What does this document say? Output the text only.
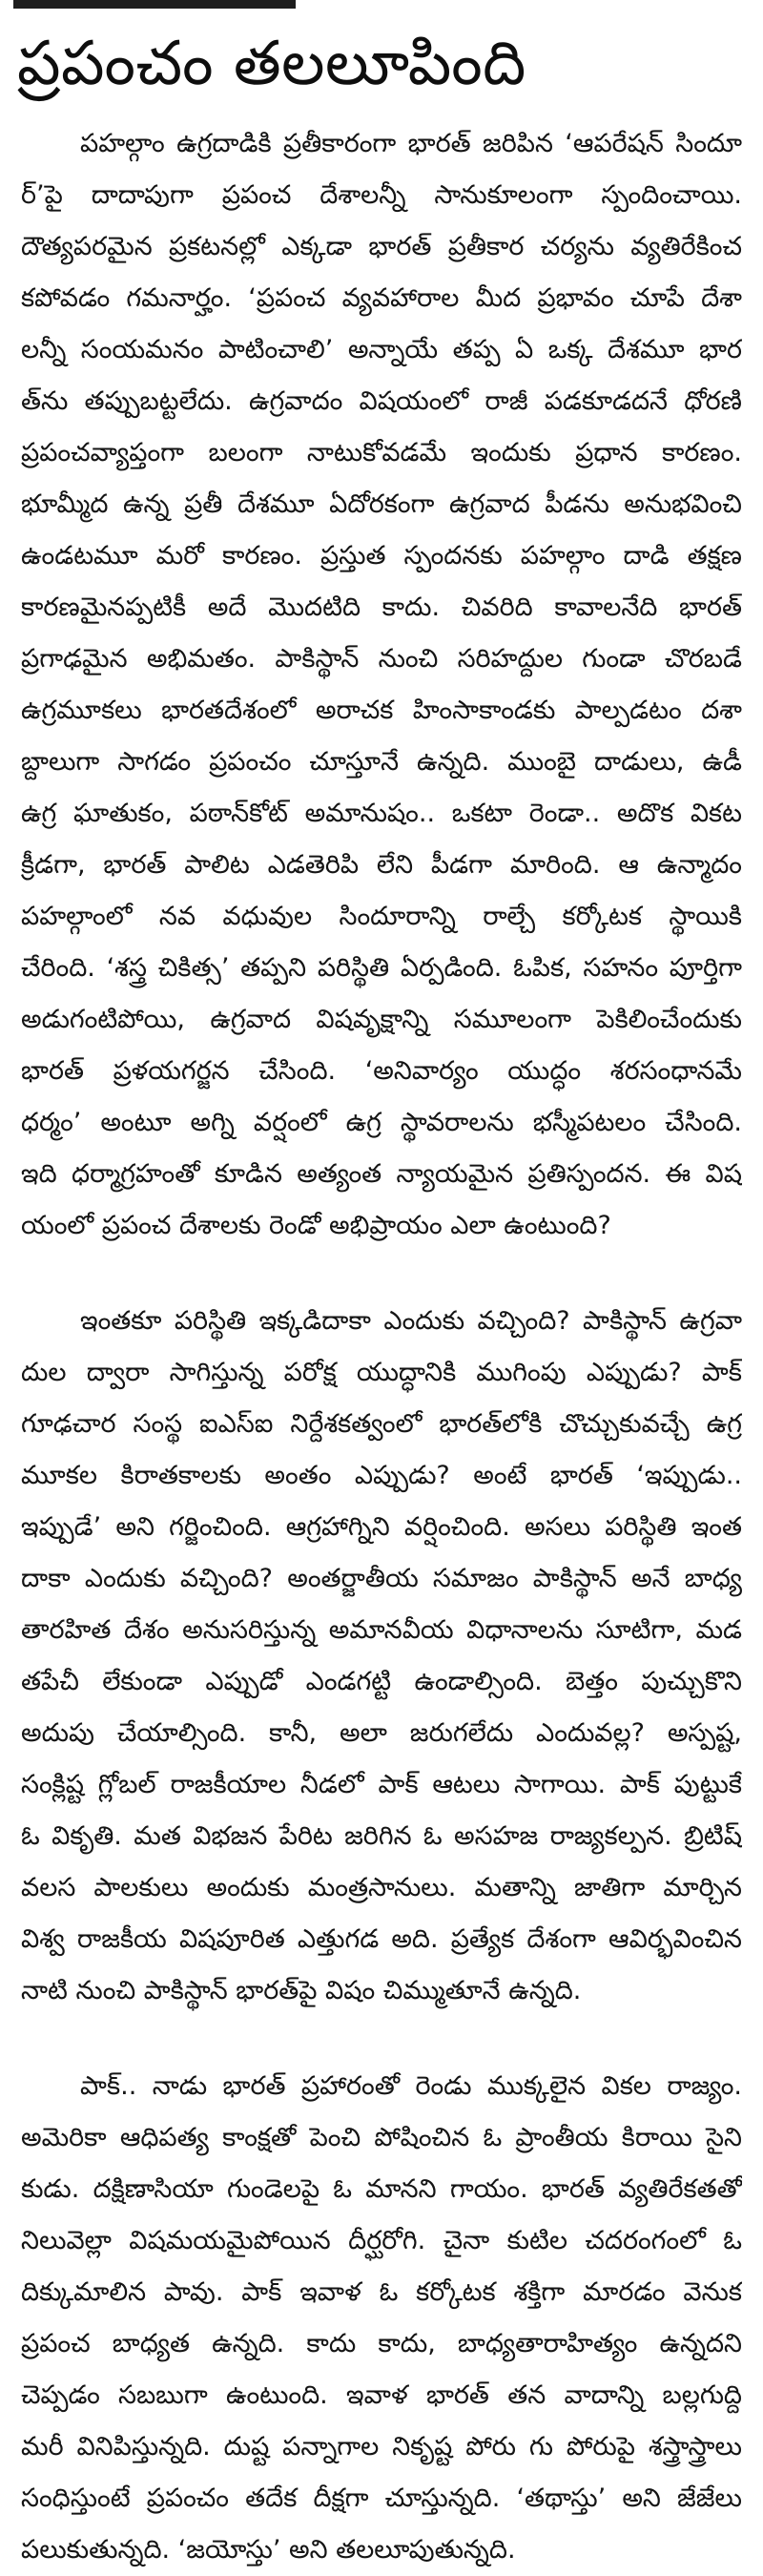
ప్రపంచం తలలూపింది
పహల్గాం ఉగ్రదాడికి ప్రతీకారంగా భారత్ జరిపిన ‘ఆపరేషన్ సిందూ
ర్’పై దాదాపుగా ప్రపంచ దేశాలన్నీ సానుకూలంగా స్పందించాయి.
దౌత్యపరమైన ప్రకటనల్లో ఎక్కడా భారత్ ప్రతీకార చర్యను వ్యతిరేకించ
కపోవడం గమనార్హం. ‘ప్రపంచ వ్యవహారాల మీద ప్రభావం చూపే దేశా
లన్నీ సంయమనం పాటించాలి’ అన్నాయే తప్ప ఏ ఒక్క దేశమూ భార
త్‌ను తప్పుబట్టలేదు. ఉగ్రవాదం విషయంలో రాజీ పడకూడదనే ధోరణి
ప్రపంచవ్యాప్తంగా బలంగా నాటుకోవడమే ఇందుకు ప్రధాన కారణం.
భూమ్మీద ఉన్న ప్రతీ దేశమూ ఏదోరకంగా ఉగ్రవాద పీడను అనుభవించి
ఉండటమూ మరో కారణం. ప్రస్తుత స్పందనకు పహల్గాం దాడి తక్షణ
కారణమైనప్పటికీ అదే మొదటిది కాదు. చివరిది కావాలనేది భారత్
ప్రగాఢమైన అభిమతం. పాకిస్థాన్ నుంచి సరిహద్దుల గుండా చొరబడే
ఉగ్రమూకలు భారతదేశంలో అరాచక హింసాకాండకు పాల్పడటం దశా
బ్దాలుగా సాగడం ప్రపంచం చూస్తూనే ఉన్నది. ముంబై దాడులు, ఉడీ
ఉగ్ర ఘాతుకం, పఠాన్‌కోట్ అమానుషం.. ఒకటా రెండా.. అదొక వికట
క్రీడగా, భారత్ పాలిట ఎడతెరిపి లేని పీడగా మారింది. ఆ ఉన్మాదం
పహల్గాంలో నవ వధువుల సిందూరాన్ని రాల్చే కర్కోటక స్థాయికి
చేరింది. ‘శస్త్ర చికిత్స’ తప్పని పరిస్థితి ఏర్పడింది. ఓపిక, సహనం పూర్తిగా
అడుగంటిపోయి, ఉగ్రవాద విషవృక్షాన్ని సమూలంగా పెకిలించేందుకు
భారత్ ప్రళయగర్జన చేసింది. ‘అనివార్యం యుద్ధం శరసంధానమే
ధర్మం’ అంటూ అగ్ని వర్షంలో ఉగ్ర స్థావరాలను భస్మీపటలం చేసింది.
ఇది ధర్మాగ్రహంతో కూడిన అత్యంత న్యాయమైన ప్రతిస్పందన. ఈ విష
యంలో ప్రపంచ దేశాలకు రెండో అభిప్రాయం ఎలా ఉంటుంది?
ఇంతకూ పరిస్థితి ఇక్కడిదాకా ఎందుకు వచ్చింది? పాకిస్థాన్ ఉగ్రవా
దుల ద్వారా సాగిస్తున్న పరోక్ష యుద్ధానికి ముగింపు ఎప్పుడు? పాక్
గూఢచార సంస్థ ఐఎస్ఐ నిర్దేశకత్వంలో భారత్‌లోకి చొచ్చుకువచ్చే ఉగ్ర
మూకల కిరాతకాలకు అంతం ఎప్పుడు? అంటే భారత్ ‘ఇప్పుడు..
ఇప్పుడే’ అని గర్జించింది. ఆగ్రహాగ్నిని వర్షించింది. అసలు పరిస్థితి ఇంత
దాకా ఎందుకు వచ్చింది? అంతర్జాతీయ సమాజం పాకిస్థాన్ అనే బాధ్య
తారహిత దేశం అనుసరిస్తున్న అమానవీయ విధానాలను సూటిగా, మడ
తపేచీ లేకుండా ఎప్పుడో ఎండగట్టి ఉండాల్సింది. బెత్తం పుచ్చుకొని
అదుపు చేయాల్సింది. కానీ, అలా జరుగలేదు ఎందువల్ల? అస్పష్ట,
సంక్లిష్ట గ్లోబల్ రాజకీయాల నీడలో పాక్ ఆటలు సాగాయి. పాక్ పుట్టుకే
ఓ వికృతి. మత విభజన పేరిట జరిగిన ఓ అసహజ రాజ్యకల్పన. బ్రిటిష్
వలస పాలకులు అందుకు మంత్రసానులు. మతాన్ని జాతిగా మార్చిన
విశ్వ రాజకీయ విషపూరిత ఎత్తుగడ అది. ప్రత్యేక దేశంగా ఆవిర్భవించిన
నాటి నుంచి పాకిస్థాన్ భారత్‌పై విషం చిమ్ముతూనే ఉన్నది.
పాక్.. నాడు భారత్ ప్రహారంతో రెండు ముక్కలైన వికల రాజ్యం.
అమెరికా ఆధిపత్య కాంక్షతో పెంచి పోషించిన ఓ ప్రాంతీయ కిరాయి సైని
కుడు. దక్షిణాసియా గుండెలపై ఓ మానని గాయం. భారత్ వ్యతిరేకతతో
నిలువెల్లా విషమయమైపోయిన దీర్ఘరోగి. చైనా కుటిల చదరంగంలో ఓ
దిక్కుమాలిన పావు. పాక్ ఇవాళ ఓ కర్కోటక శక్తిగా మారడం వెనుక
ప్రపంచ బాధ్యత ఉన్నది. కాదు కాదు, బాధ్యతారాహిత్యం ఉన్నదని
చెప్పడం సబబుగా ఉంటుంది. ఇవాళ భారత్ తన వాదాన్ని బల్లగుద్ది
మరీ వినిపిస్తున్నది. దుష్ట పన్నాగాల నికృష్ట పోరు గు పోరుపై శస్త్రాస్త్రాలు
సంధిస్తుంటే ప్రపంచం తదేక దీక్షగా చూస్తున్నది. ‘తథాస్తు’ అని జేజేలు
పలుకుతున్నది. ‘జయోస్తు’ అని తలలూపుతున్నది.
